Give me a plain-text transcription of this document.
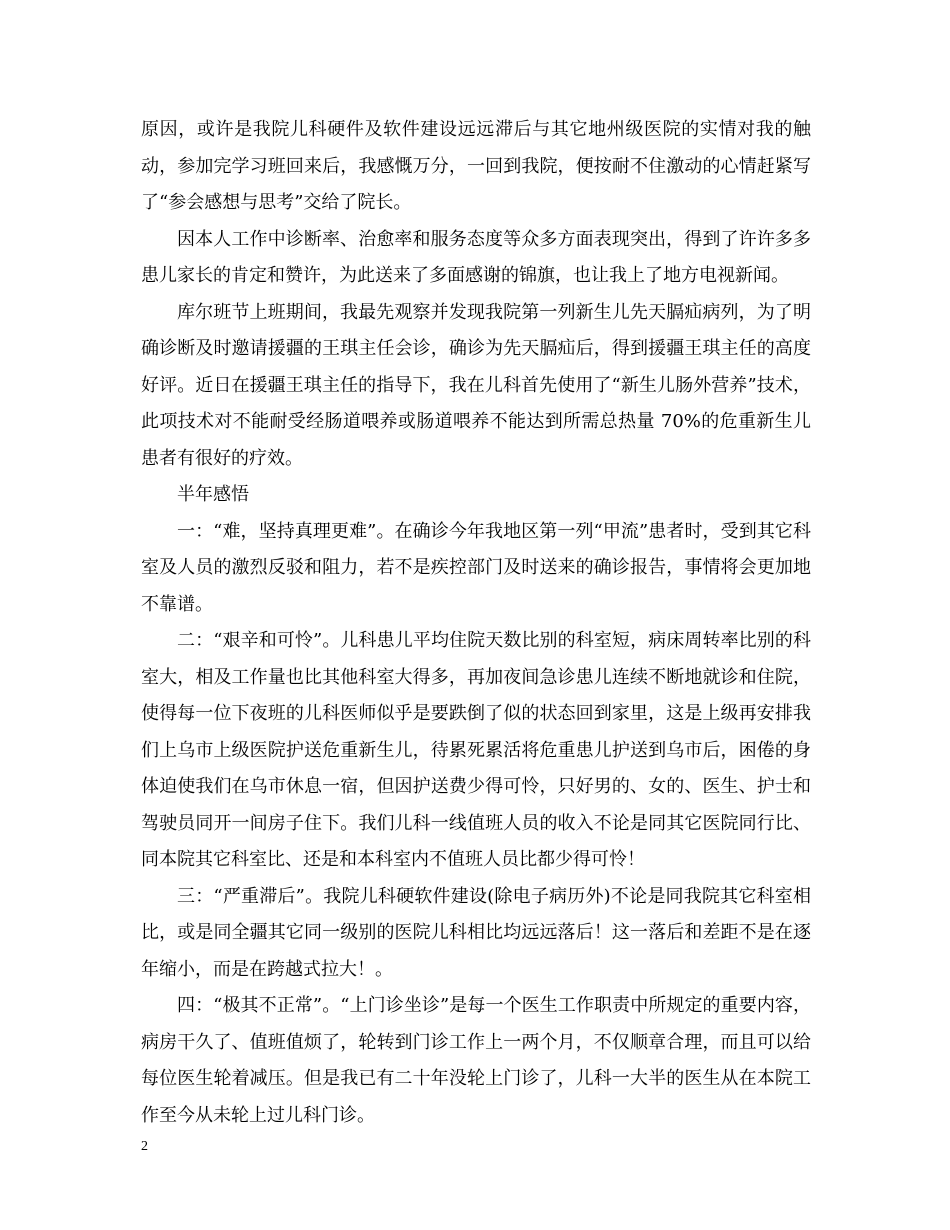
原因，或许是我院儿科硬件及软件建设远远滞后与其它地州级医院的实情对我的触动，参加完学习班回来后，我感慨万分，一回到我院，便按耐不住激动的心情赶紧写了“参会感想与思考”交给了院长。

因本人工作中诊断率、治愈率和服务态度等众多方面表现突出，得到了许许多多患儿家长的肯定和赞许，为此送来了多面感谢的锦旗，也让我上了地方电视新闻。

库尔班节上班期间，我最先观察并发现我院第一列新生儿先天膈疝病列，为了明确诊断及时邀请援疆的王琪主任会诊，确诊为先天膈疝后，得到援疆王琪主任的高度好评。近日在援疆王琪主任的指导下，我在儿科首先使用了“新生儿肠外营养”技术，此项技术对不能耐受经肠道喂养或肠道喂养不能达到所需总热量 70%的危重新生儿患者有很好的疗效。

半年感悟

一：“难，坚持真理更难”。在确诊今年我地区第一列“甲流”患者时，受到其它科室及人员的激烈反驳和阻力，若不是疾控部门及时送来的确诊报告，事情将会更加地不靠谱。

二：“艰辛和可怜”。儿科患儿平均住院天数比别的科室短，病床周转率比别的科室大，相及工作量也比其他科室大得多，再加夜间急诊患儿连续不断地就诊和住院，使得每一位下夜班的儿科医师似乎是要跌倒了似的状态回到家里，这是上级再安排我们上乌市上级医院护送危重新生儿，待累死累活将危重患儿护送到乌市后，困倦的身体迫使我们在乌市休息一宿，但因护送费少得可怜，只好男的、女的、医生、护士和驾驶员同开一间房子住下。我们儿科一线值班人员的收入不论是同其它医院同行比、同本院其它科室比、还是和本科室内不值班人员比都少得可怜！

三：“严重滞后”。我院儿科硬软件建设(除电子病历外)不论是同我院其它科室相比，或是同全疆其它同一级别的医院儿科相比均远远落后！这一落后和差距不是在逐年缩小，而是在跨越式拉大！。

四：“极其不正常”。“上门诊坐诊”是每一个医生工作职责中所规定的重要内容，病房干久了、值班值烦了，轮转到门诊工作上一两个月，不仅顺章合理，而且可以给每位医生轮着减压。但是我已有二十年没轮上门诊了，儿科一大半的医生从在本院工作至今从未轮上过儿科门诊。

2
